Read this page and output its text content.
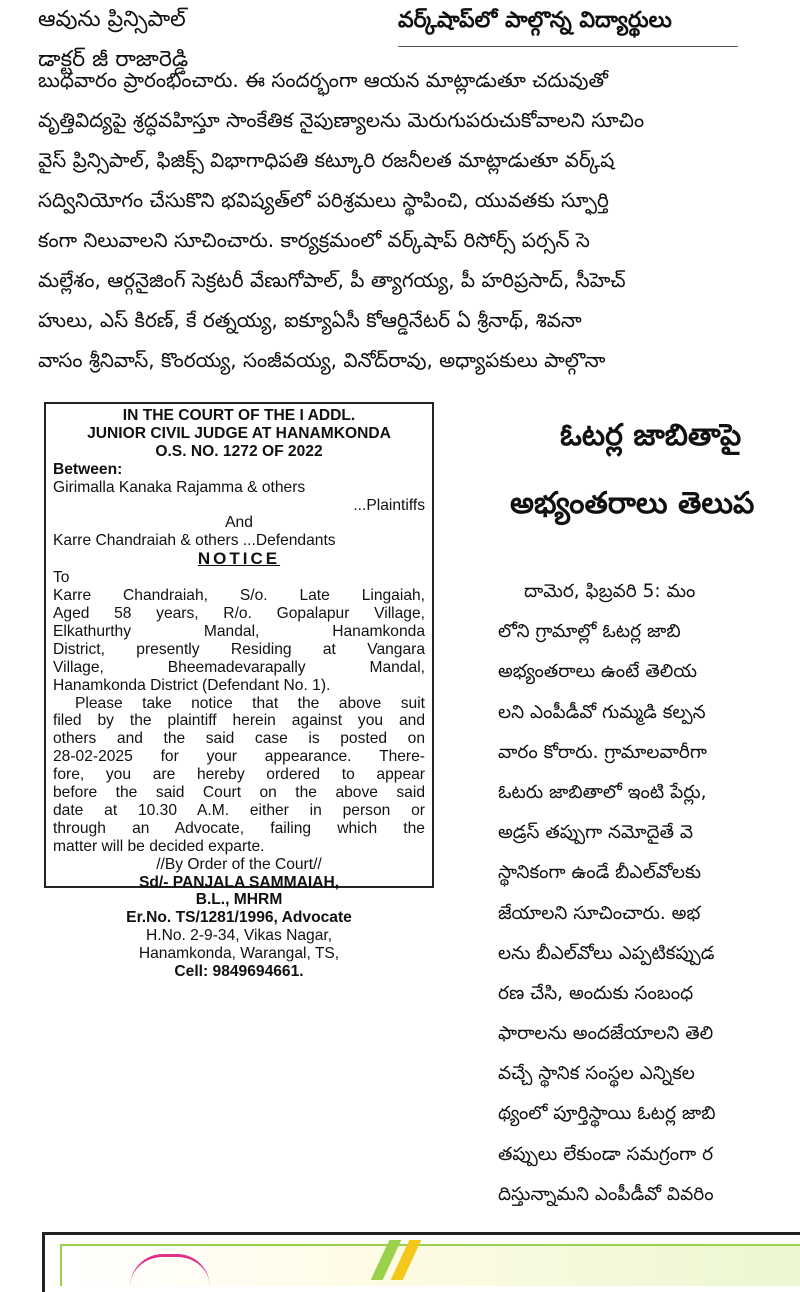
ఆవును ప్రిన్సిపాల్
డాక్టర్ జీ రాజారెడ్డి
వర్క్‌షాప్‌లో పాల్గొన్న విద్యార్థులు
బుధవారం ప్రారంభించారు. ఈ సందర్భంగా ఆయన మాట్లాడుతూ చదువుతో
వృత్తివిద్యపై శ్రద్ధవహిస్తూ సాంకేతిక నైపుణ్యాలను మెరుగుపరుచుకోవాలని సూచిం
వైస్ ప్రిన్సిపాల్, ఫిజిక్స్ విభాగాధిపతి కట్కూరి రజనీలత మాట్లాడుతూ వర్క్‌ష
సద్వినియోగం చేసుకొని భవిష్యత్‌లో పరిశ్రమలు స్థాపించి, యువతకు స్ఫూర్తి
కంగా నిలువాలని సూచించారు. కార్యక్రమంలో వర్క్‌షాప్ రిసోర్స్ పర్సన్ సె
మల్లేశం, ఆర్గనైజింగ్ సెక్రటరీ వేణుగోపాల్, పీ త్యాగయ్య, పీ హరిప్రసాద్, సీహెచ్
హులు, ఎస్ కిరణ్, కే రత్నయ్య, ఐక్యూఏసీ కోఆర్డినేటర్ ఏ శ్రీనాథ్, శివనా
వాసం శ్రీనివాస్, కొంరయ్య, సంజీవయ్య, వినోద్‌రావు, అధ్యాపకులు పాల్గొనా
IN THE COURT OF THE I ADDL.
JUNIOR CIVIL JUDGE AT HANAMKONDA
O.S. NO. 1272 OF 2022
Between:
Girimalla Kanaka Rajamma & others
...Plaintiffs
And
Karre Chandraiah & others ...Defendants
NOTICE
To
Karre Chandraiah, S/o. Late Lingaiah,
Aged 58 years, R/o. Gopalapur Village,
Elkathurthy Mandal, Hanamkonda
District, presently Residing at Vangara
Village, Bheemadevarapally Mandal,
Hanamkonda District (Defendant No. 1).
Please take notice that the above suit
filed by the plaintiff herein against you and
others and the said case is posted on
28-02-2025 for your appearance. There-
fore, you are hereby ordered to appear
before the said Court on the above said
date at 10.30 A.M. either in person or
through an Advocate, failing which the
matter will be decided exparte.
//By Order of the Court//
Sd/- PANJALA SAMMAIAH,
B.L., MHRM
Er.No. TS/1281/1996, Advocate
H.No. 2-9-34, Vikas Nagar,
Hanamkonda, Warangal, TS,
Cell: 9849694661.
ఓటర్ల జాబితాపై
అభ్యంతరాలు తెలుప
దామెర, ఫిబ్రవరి 5: మం
లోని గ్రామాల్లో ఓటర్ల జాబి
అభ్యంతరాలు ఉంటే తెలియ
లని ఎంపీడీవో గుమ్మడి కల్పన
వారం కోరారు. గ్రామాలవారీగా
ఓటరు జాబితాలో ఇంటి పేర్లు,
అడ్రస్ తప్పుగా నమోదైతే వె
స్థానికంగా ఉండే బీఎల్‌వోలకు
జేయాలని సూచించారు. అభ
లను బీఎల్‌వోలు ఎప్పటికప్పుడ
రణ చేసి, అందుకు సంబంధ
ఫారాలను అందజేయాలని తెలి
వచ్చే స్థానిక సంస్థల ఎన్నికల
థ్యంలో పూర్తిస్థాయి ఓటర్ల జాబి
తప్పులు లేకుండా సమగ్రంగా ర
దిస్తున్నామని ఎంపీడీవో వివరిం
